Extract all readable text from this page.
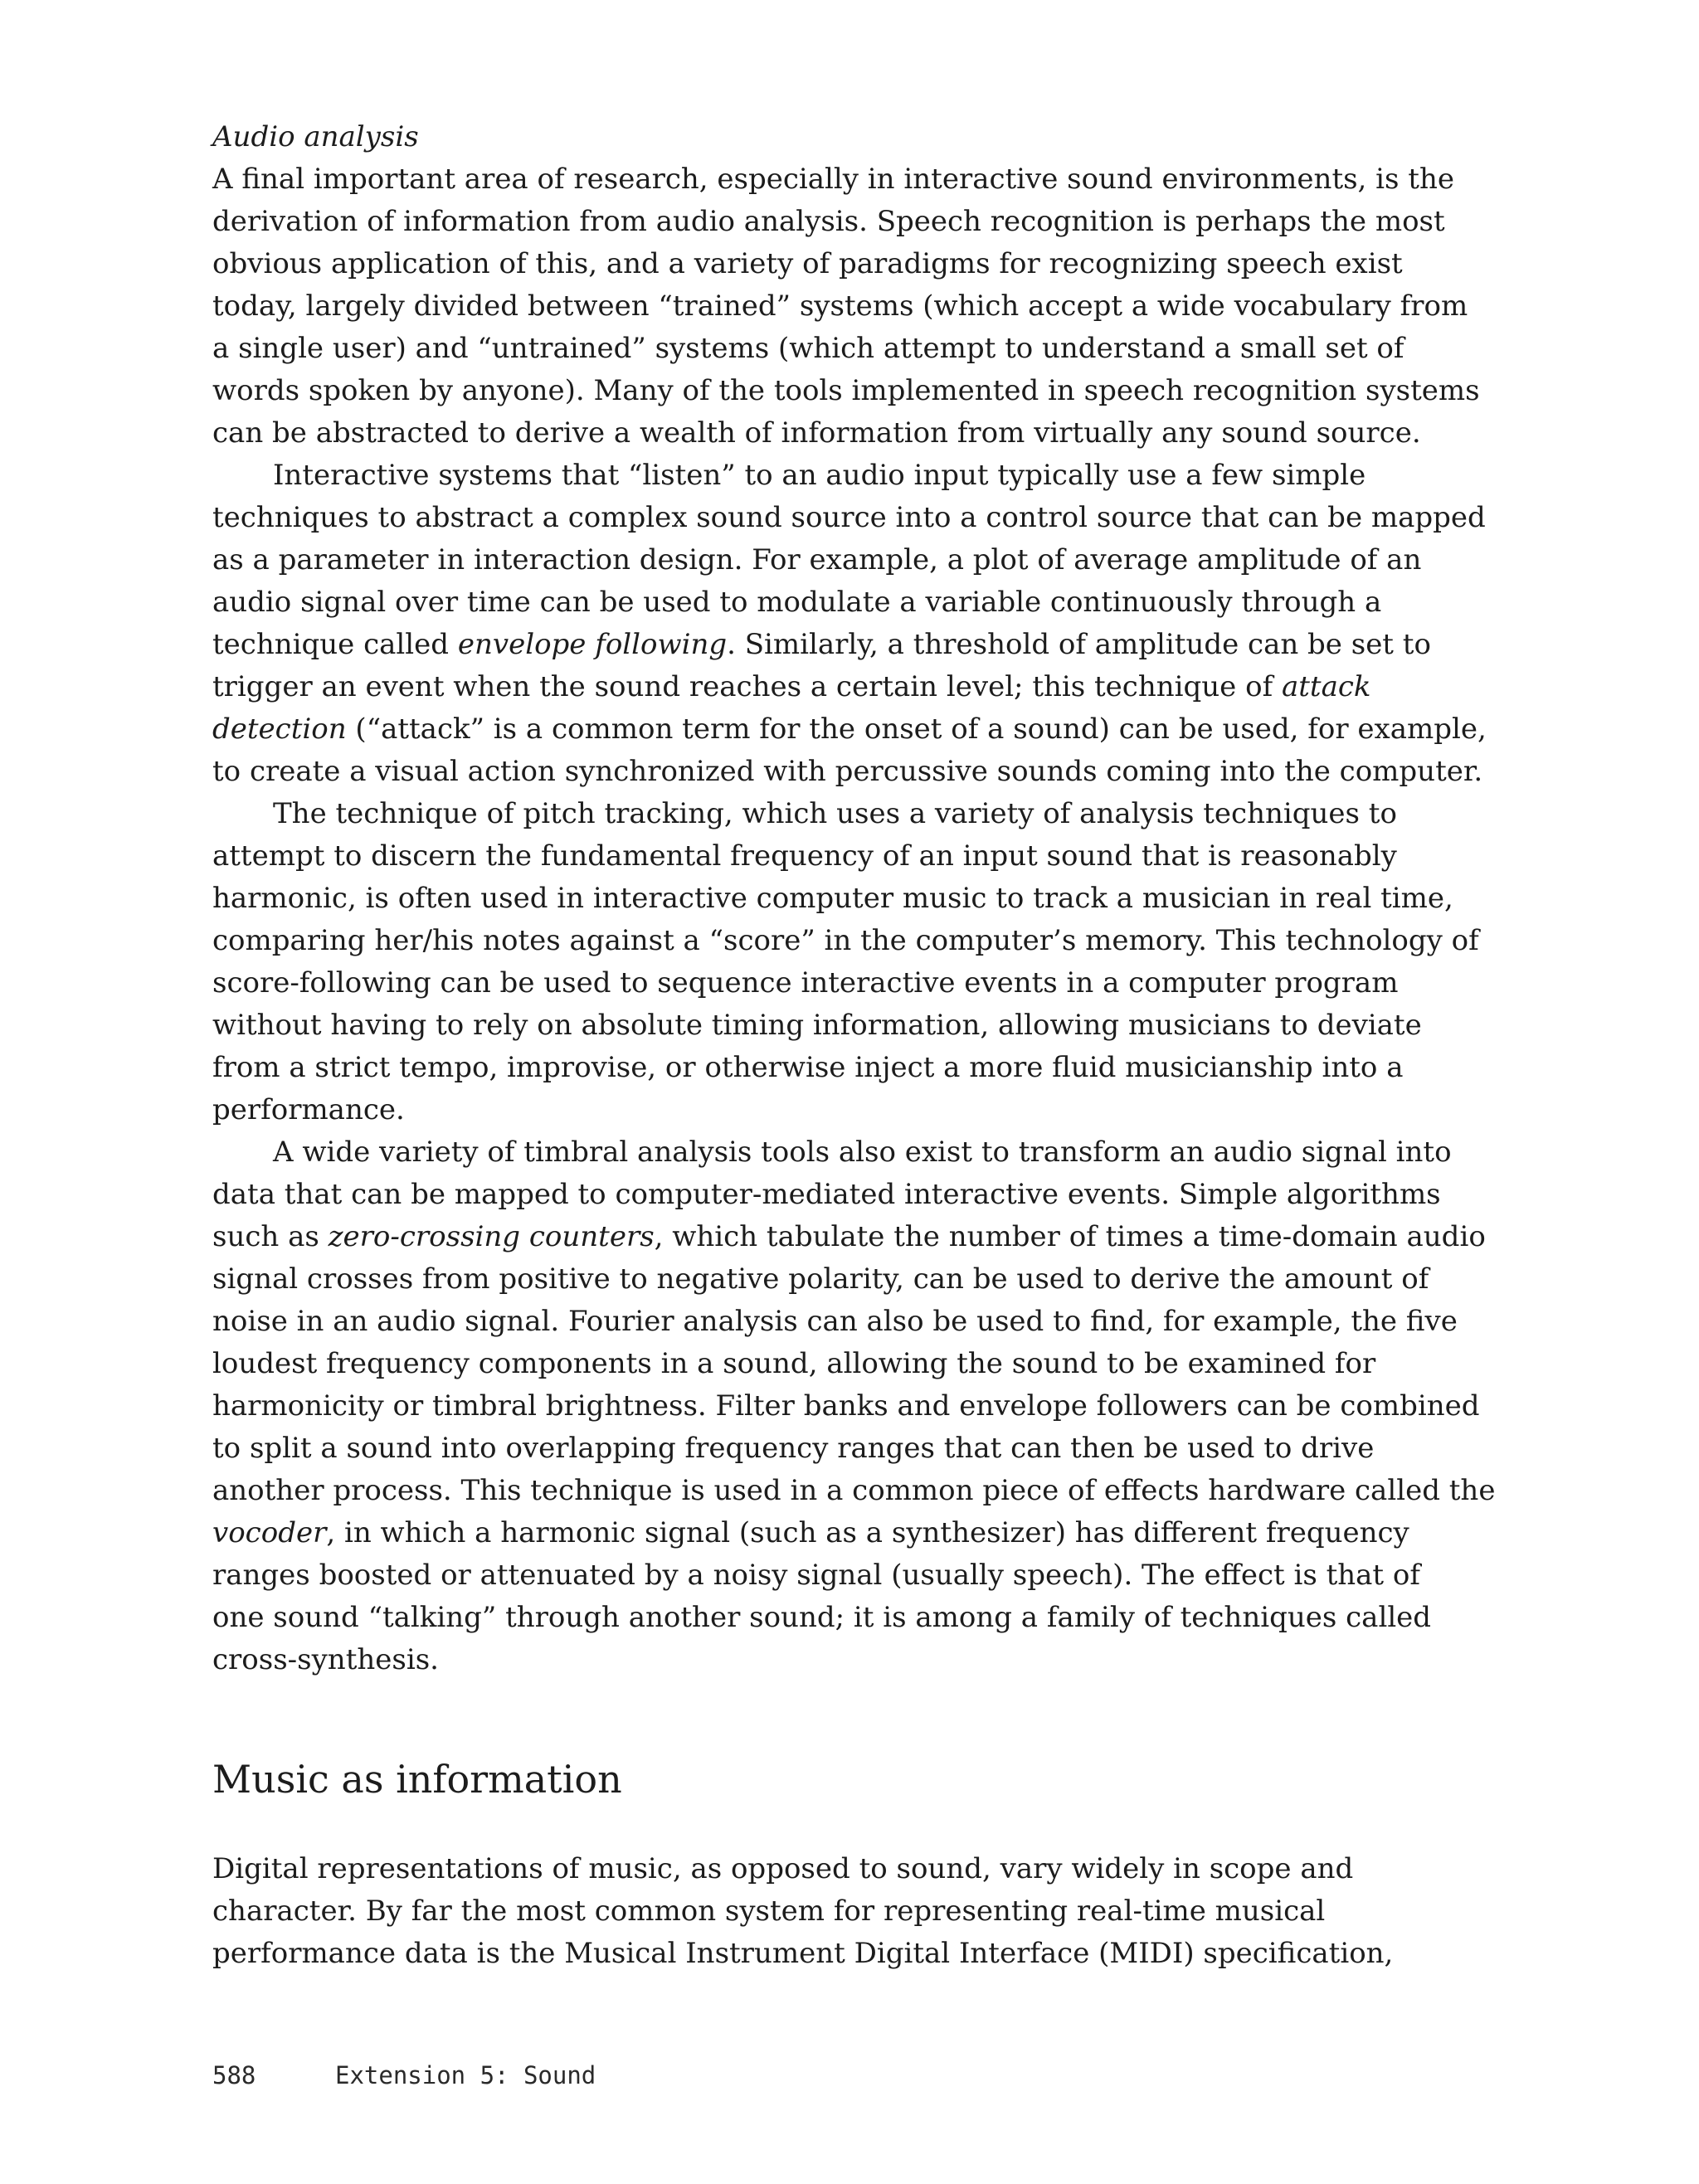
Audio analysis

A final important area of research, especially in interactive sound environments, is the
derivation of information from audio analysis. Speech recognition is perhaps the most
obvious application of this, and a variety of paradigms for recognizing speech exist
today, largely divided between “trained” systems (which accept a wide vocabulary from
a single user) and “untrained” systems (which attempt to understand a small set of
words spoken by anyone). Many of the tools implemented in speech recognition systems
can be abstracted to derive a wealth of information from virtually any sound source.

Interactive systems that “listen” to an audio input typically use a few simple
techniques to abstract a complex sound source into a control source that can be mapped
as a parameter in interaction design. For example, a plot of average amplitude of an
audio signal over time can be used to modulate a variable continuously through a
technique called envelope following. Similarly, a threshold of amplitude can be set to
trigger an event when the sound reaches a certain level; this technique of attack
detection (“attack” is a common term for the onset of a sound) can be used, for example,
to create a visual action synchronized with percussive sounds coming into the computer.

The technique of pitch tracking, which uses a variety of analysis techniques to
attempt to discern the fundamental frequency of an input sound that is reasonably
harmonic, is often used in interactive computer music to track a musician in real time,
comparing her/his notes against a “score” in the computer’s memory. This technology of
score-following can be used to sequence interactive events in a computer program
without having to rely on absolute timing information, allowing musicians to deviate
from a strict tempo, improvise, or otherwise inject a more fluid musicianship into a
performance.

A wide variety of timbral analysis tools also exist to transform an audio signal into
data that can be mapped to computer-mediated interactive events. Simple algorithms
such as zero-crossing counters, which tabulate the number of times a time-domain audio
signal crosses from positive to negative polarity, can be used to derive the amount of
noise in an audio signal. Fourier analysis can also be used to find, for example, the five
loudest frequency components in a sound, allowing the sound to be examined for
harmonicity or timbral brightness. Filter banks and envelope followers can be combined
to split a sound into overlapping frequency ranges that can then be used to drive
another process. This technique is used in a common piece of effects hardware called the
vocoder, in which a harmonic signal (such as a synthesizer) has different frequency
ranges boosted or attenuated by a noisy signal (usually speech). The effect is that of
one sound “talking” through another sound; it is among a family of techniques called
cross-synthesis.

Music as information

Digital representations of music, as opposed to sound, vary widely in scope and
character. By far the most common system for representing real-time musical
performance data is the Musical Instrument Digital Interface (MIDI) specification,

588	Extension 5: Sound
